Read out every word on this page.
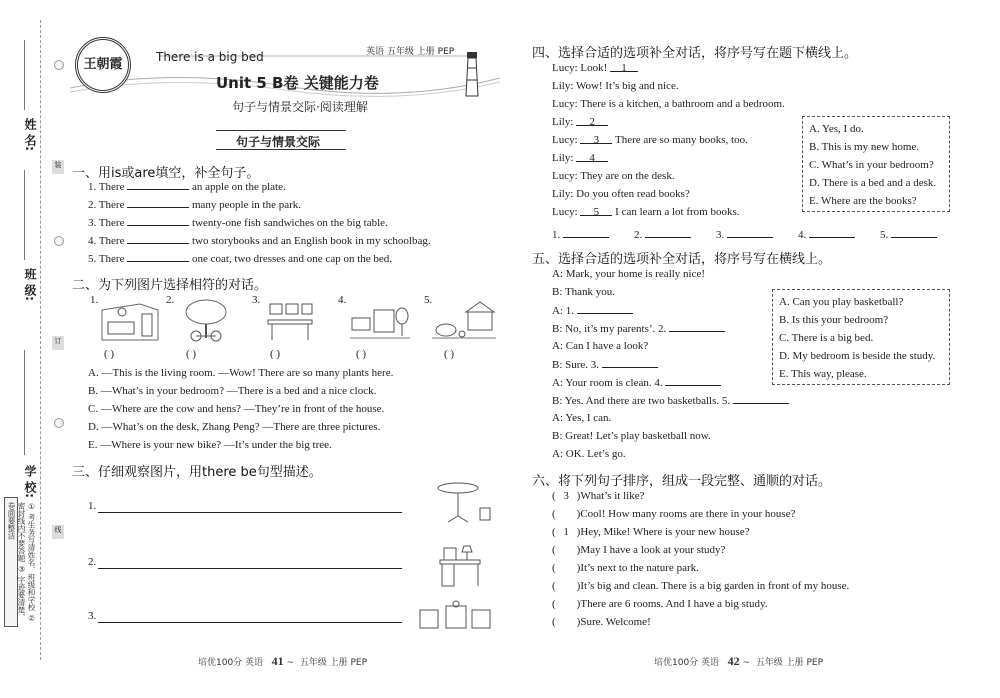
姓 名:
班 级:
学 校:
装
订
线
① 考生务写清姓名、班级和学校 ② 密封线内不要答题 ③ 字迹要清楚，卷面要整洁
王朝霞	There is a big bed	英语 五年级 上册 PEP
Unit 5 B卷 关键能力卷
句子与情景交际·阅读理解
句子与情景交际
一、用is或are填空，补全句子。
1. There	an apple on the plate.
2. There	many people in the park.
3. There	twenty-one fish sandwiches on the big table.
4. There	two storybooks and an English book in my schoolbag.
5. There	one coat, two dresses and one cap on the bed.
二、为下列图片选择相符的对话。
1.	2.	3.	4.	5.
( )	( )	( )	( )	( )
A. —This is the living room. —Wow! There are so many plants here.
B. —What’s in your bedroom? —There is a bed and a nice clock.
C. —Where are the cow and hens? —They’re in front of the house.
D. —What’s on the desk, Zhang Peng? —There are three pictures.
E. —Where is your new bike? —It’s under the big tree.
三、仔细观察图片，用there be句型描述。
1.
2.
3.
四、选择合适的选项补全对话，将序号写在题下横线上。
Lucy: Look! 1
Lily: Wow! It’s big and nice.
Lucy: There is a kitchen, a bathroom and a bedroom.
Lily: 2
Lucy: 3 There are so many books, too.
Lily: 4
Lucy: They are on the desk.
Lily: Do you often read books?
Lucy: 5 I can learn a lot from books.
A. Yes, I do.
B. This is my new home.
C. What’s in your bedroom?
D. There is a bed and a desk.
E. Where are the books?
1.	2.	3.	4.	5.
五、选择合适的选项补全对话，将序号写在横线上。
A: Mark, your home is really nice!
B: Thank you.
A: 1.
B: No, it’s my parents’. 2.
A: Can I have a look?
B: Sure. 3.
A: Your room is clean. 4.
B: Yes. And there are two basketballs. 5.
A: Yes, I can.
B: Great! Let’s play basketball now.
A: OK. Let’s go.
A. Can you play basketball?
B. Is this your bedroom?
C. There is a big bed.
D. My bedroom is beside the study.
E. This way, please.
六、将下列句子排序，组成一段完整、通顺的对话。
(  3  )What’s it like?
(    )Cool! How many rooms are there in your house?
(  1  )Hey, Mike! Where is your new house?
(    )May I have a look at your study?
(    )It’s next to the nature park.
(    )It’s big and clean. There is a big garden in front of my house.
(    )There are 6 rooms. And I have a big study.
(    )Sure. Welcome!
培优100分 英语 41 ~  五年级 上册 PEP	培优100分 英语 42 ~  五年级 上册 PEP
